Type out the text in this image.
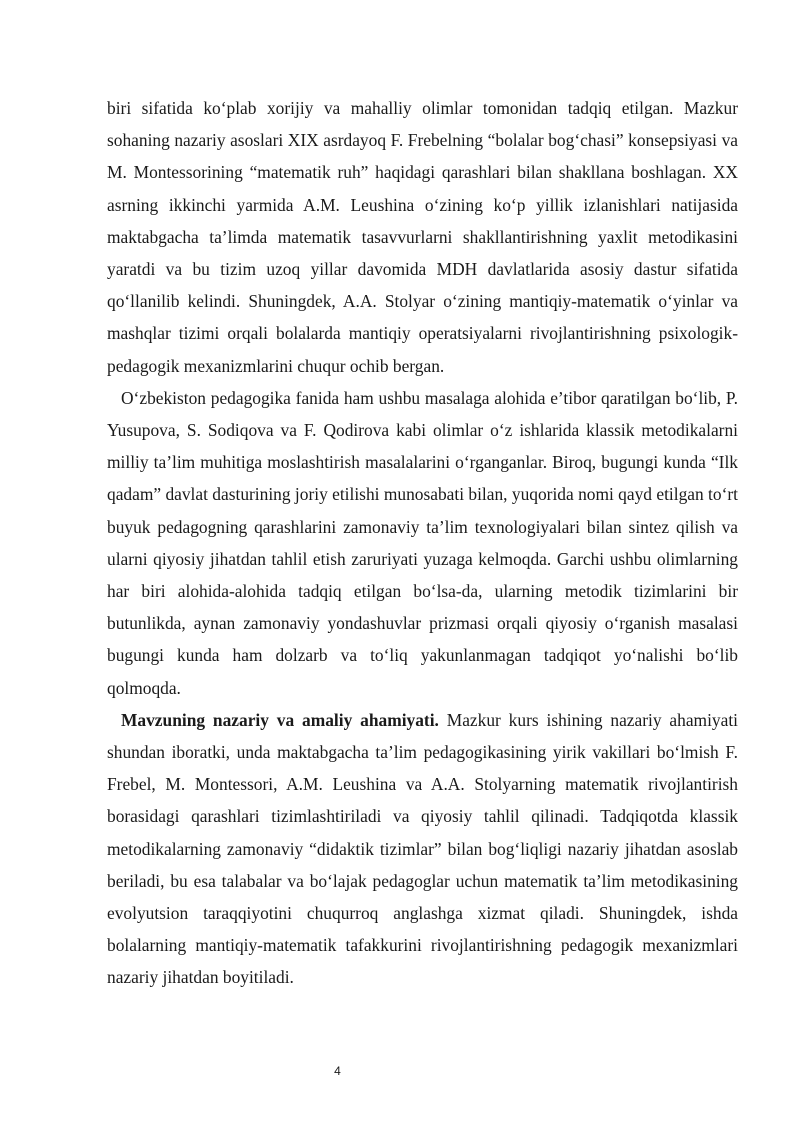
biri sifatida ko‘plab xorijiy va mahalliy olimlar tomonidan tadqiq etilgan. Mazkur sohaning nazariy asoslari XIX asrdayoq F. Frebelning “bolalar bog‘chasi” konsepsiyasi va M. Montessorining “matematik ruh” haqidagi qarashlari bilan shakllana boshlagan. XX asrning ikkinchi yarmida A.M. Leushina o‘zining ko‘p yillik izlanishlari natijasida maktabgacha ta’limda matematik tasavvurlarni shakllantirishning yaxlit metodikasini yaratdi va bu tizim uzoq yillar davomida MDH davlatlarida asosiy dastur sifatida qo‘llanilib kelindi. Shuningdek, A.A. Stolyar o‘zining mantiqiy-matematik o‘yinlar va mashqlar tizimi orqali bolalarda mantiqiy operatsiyalarni rivojlantirishning psixologik-pedagogik mexanizmlarini chuqur ochib bergan.

O‘zbekiston pedagogika fanida ham ushbu masalaga alohida e’tibor qaratilgan bo‘lib, P. Yusupova, S. Sodiqova va F. Qodirova kabi olimlar o‘z ishlarida klassik metodikalarni milliy ta’lim muhitiga moslashtirish masalalarini o‘rganganlar. Biroq, bugungi kunda “Ilk qadam” davlat dasturining joriy etilishi munosabati bilan, yuqorida nomi qayd etilgan to‘rt buyuk pedagogning qarashlarini zamonaviy ta’lim texnologiyalari bilan sintez qilish va ularni qiyosiy jihatdan tahlil etish zaruriyati yuzaga kelmoqda. Garchi ushbu olimlarning har biri alohida-alohida tadqiq etilgan bo‘lsa-da, ularning metodik tizimlarini bir butunlikda, aynan zamonaviy yondashuvlar prizmasi orqali qiyosiy o‘rganish masalasi bugungi kunda ham dolzarb va to‘liq yakunlanmagan tadqiqot yo‘nalishi bo‘lib qolmoqda.

Mavzuning nazariy va amaliy ahamiyati. Mazkur kurs ishining nazariy ahamiyati shundan iboratki, unda maktabgacha ta’lim pedagogikasining yirik vakillari bo‘lmish F. Frebel, M. Montessori, A.M. Leushina va A.A. Stolyarning matematik rivojlantirish borasidagi qarashlari tizimlashtiriladi va qiyosiy tahlil qilinadi. Tadqiqotda klassik metodikalarning zamonaviy “didaktik tizimlar” bilan bog‘liqligi nazariy jihatdan asoslab beriladi, bu esa talabalar va bo‘lajak pedagoglar uchun matematik ta’lim metodikasining evolyutsion taraqqiyotini chuqurroq anglashga xizmat qiladi. Shuningdek, ishda bolalarning mantiqiy-matematik tafakkurini rivojlantirishning pedagogik mexanizmlari nazariy jihatdan boyitiladi.

4
